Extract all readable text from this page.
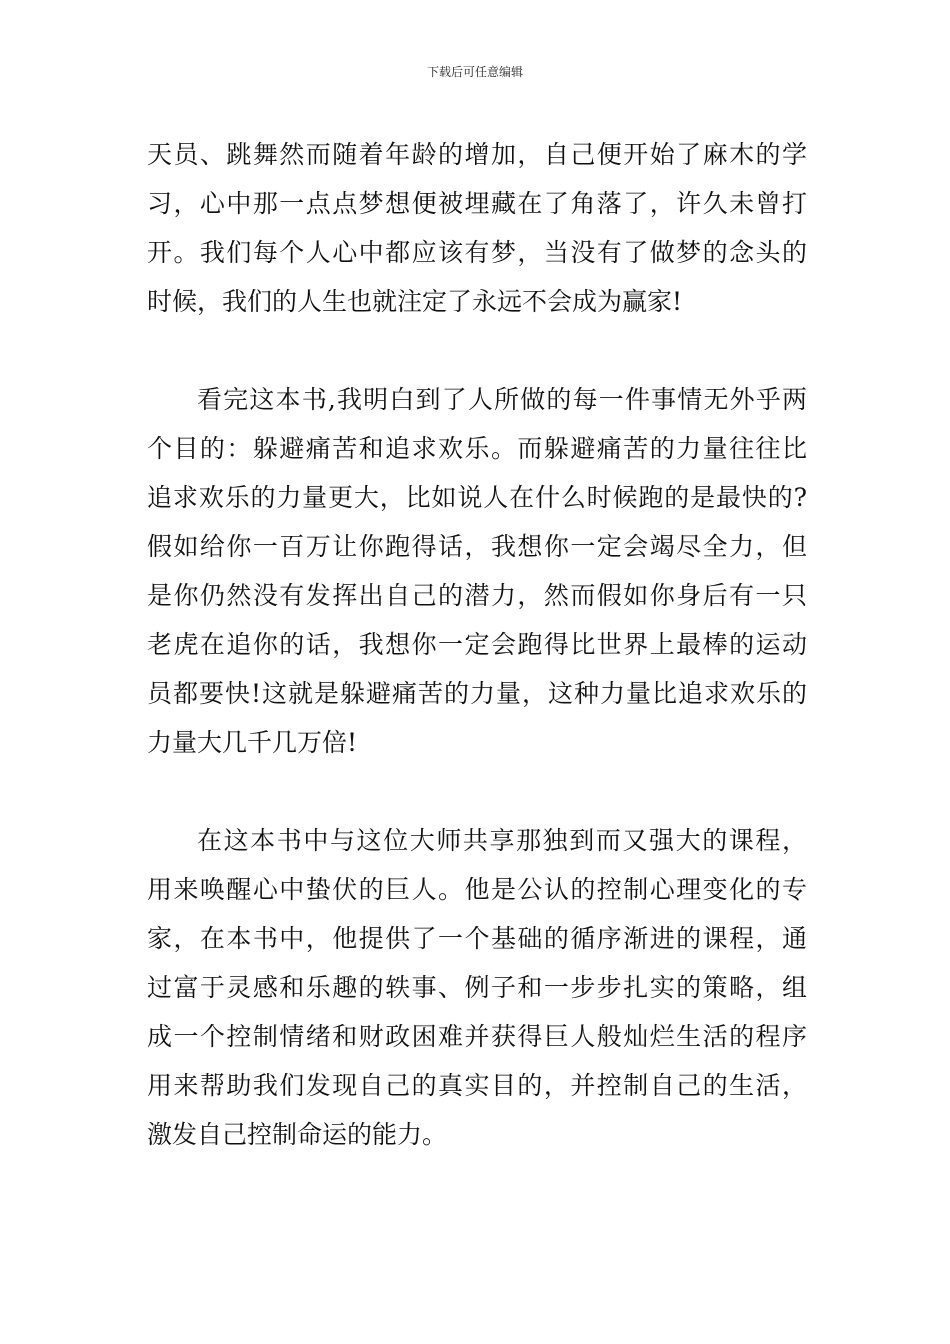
下载后可任意编辑
天员、跳舞然而随着年龄的增加，自己便开始了麻木的学
习，心中那一点点梦想便被埋藏在了角落了，许久未曾打
开。我们每个人心中都应该有梦，当没有了做梦的念头的
时候，我们的人生也就注定了永远不会成为赢家!
看完这本书,我明白到了人所做的每一件事情无外乎两
个目的：躲避痛苦和追求欢乐。而躲避痛苦的力量往往比
追求欢乐的力量更大，比如说人在什么时候跑的是最快的?
假如给你一百万让你跑得话，我想你一定会竭尽全力，但
是你仍然没有发挥出自己的潜力，然而假如你身后有一只
老虎在追你的话，我想你一定会跑得比世界上最棒的运动
员都要快!这就是躲避痛苦的力量，这种力量比追求欢乐的
力量大几千几万倍!
在这本书中与这位大师共享那独到而又强大的课程，
用来唤醒心中蛰伏的巨人。他是公认的控制心理变化的专
家，在本书中，他提供了一个基础的循序渐进的课程，通
过富于灵感和乐趣的轶事、例子和一步步扎实的策略，组
成一个控制情绪和财政困难并获得巨人般灿烂生活的程序
用来帮助我们发现自己的真实目的，并控制自己的生活，
激发自己控制命运的能力。
